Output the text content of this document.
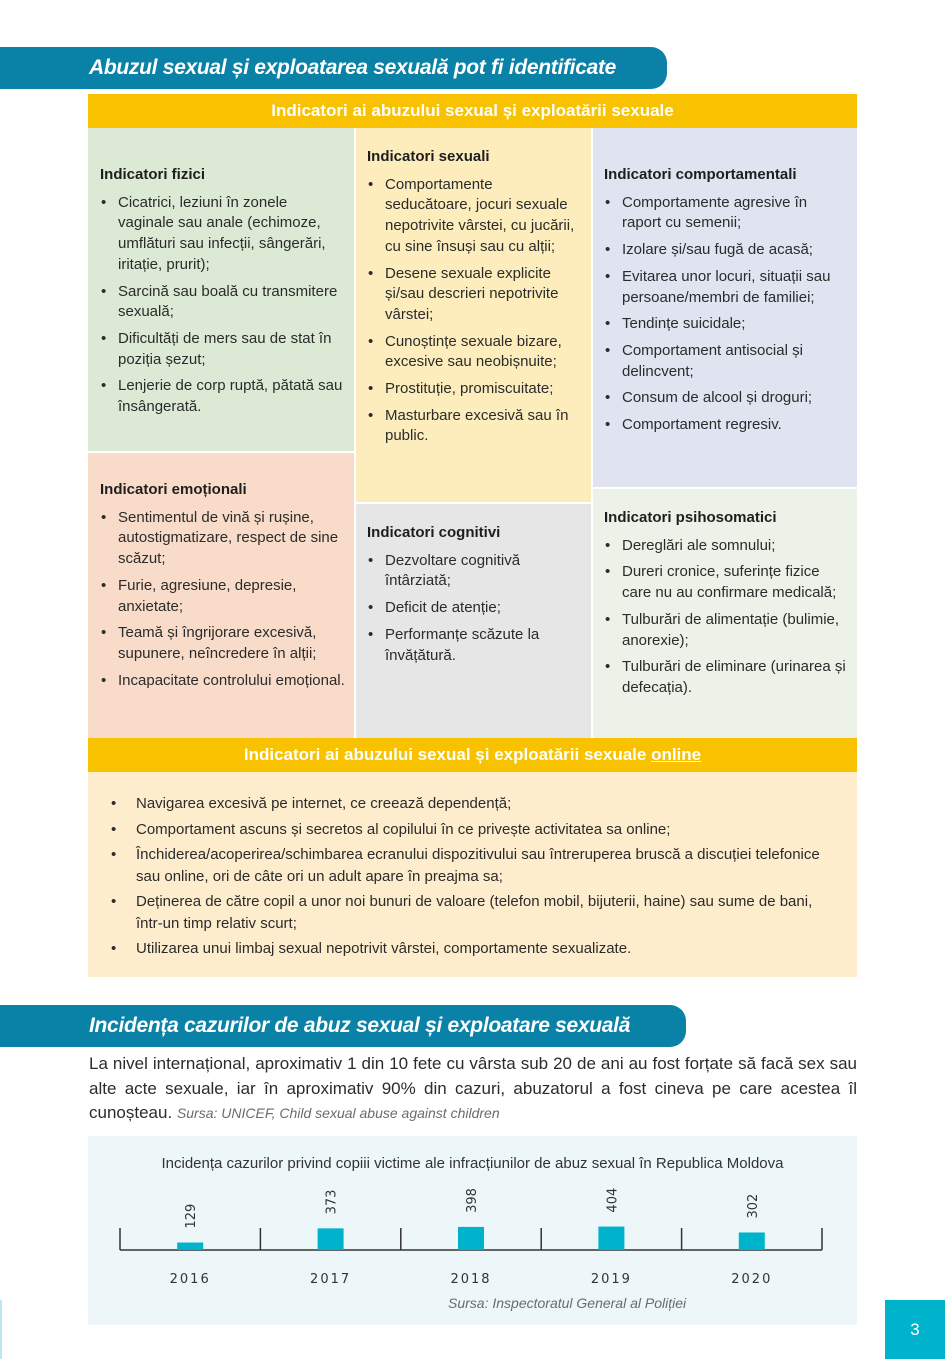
Abuzul sexual și exploatarea sexuală pot fi identificate
Indicatori ai abuzului sexual și exploatării sexuale
Indicatori fizici
• Cicatrici, leziuni în zonele vaginale sau anale (echimoze, umflături sau infecții, sângerări, iritație, prurit);
• Sarcină sau boală cu transmitere sexuală;
• Dificultăți de mers sau de stat în poziția șezut;
• Lenjerie de corp ruptă, pătată sau însângerată.
Indicatori sexuali
• Comportamente seducătoare, jocuri sexuale nepotrivite vârstei, cu jucării, cu sine însuși sau cu alții;
• Desene sexuale explicite și/sau descrieri nepotrivite vârstei;
• Cunoștințe sexuale bizare, excesive sau neobișnuite;
• Prostituție, promiscuitate;
• Masturbare excesivă sau în public.
Indicatori comportamentali
• Comportamente agresive în raport cu semenii;
• Izolare și/sau fugă de acasă;
• Evitarea unor locuri, situații sau persoane/membri de familiei;
• Tendințe suicidale;
• Comportament antisocial și delincvent;
• Consum de alcool și droguri;
• Comportament regresiv.
Indicatori emoționali
• Sentimentul de vină și rușine, autostigmatizare, respect de sine scăzut;
• Furie, agresiune, depresie, anxietate;
• Teamă și îngrijorare excesivă, supunere, neîncredere în alții;
• Incapacitate controlului emoțional.
Indicatori cognitivi
• Dezvoltare cognitivă întârziată;
• Deficit de atenție;
• Performanțe scăzute la învățătură.
Indicatori psihosomatici
• Dereglări ale somnului;
• Dureri cronice, suferințe fizice care nu au confirmare medicală;
• Tulburări de alimentație (bulimie, anorexie);
• Tulburări de eliminare (urinarea și defecația).
Indicatori ai abuzului sexual și exploatării sexuale online
• Navigarea excesivă pe internet, ce creează dependență;
• Comportament ascuns și secretos al copilului în ce privește activitatea sa online;
• Închiderea/acoperirea/schimbarea ecranului dispozitivului sau întreruperea bruscă a discuției telefonice sau online, ori de câte ori un adult apare în preajma sa;
• Deținerea de către copil a unor noi bunuri de valoare (telefon mobil, bijuterii, haine) sau sume de bani, într-un timp relativ scurt;
• Utilizarea unui limbaj sexual nepotrivit vârstei, comportamente sexualizate.
Incidența cazurilor de abuz sexual și exploatare sexuală

La nivel internațional, aproximativ 1 din 10 fete cu vârsta sub 20 de ani au fost forțate să facă sex sau alte acte sexuale, iar în aproximativ 90% din cazuri, abuzatorul a fost cineva pe care acestea îl cunoșteau. Sursa: UNICEF, Child sexual abuse against children

Incidența cazurilor privind copiii victime ale infracțiunilor de abuz sexual în Republica Moldova
129
2016
373
2017
398
2018
404
2019
302
2020
Sursa: Inspectoratul General al Poliției
3
